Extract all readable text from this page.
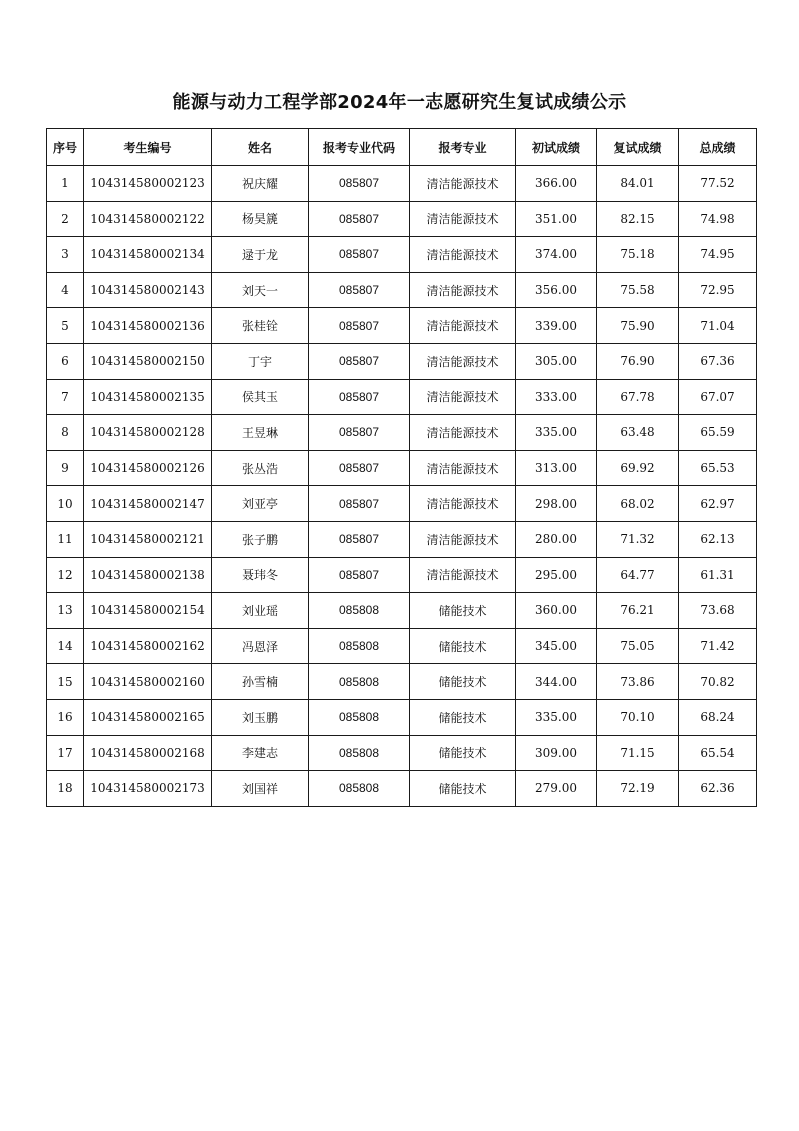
能源与动力工程学部2024年一志愿研究生复试成绩公示
序号	考生编号	姓名	报考专业代码	报考专业	初试成绩	复试成绩	总成绩
1	104314580002123	祝庆耀	085807	清洁能源技术	366.00	84.01	77.52
2	104314580002122	杨昊篪	085807	清洁能源技术	351.00	82.15	74.98
3	104314580002134	逯于龙	085807	清洁能源技术	374.00	75.18	74.95
4	104314580002143	刘天一	085807	清洁能源技术	356.00	75.58	72.95
5	104314580002136	张桂铨	085807	清洁能源技术	339.00	75.90	71.04
6	104314580002150	丁宇	085807	清洁能源技术	305.00	76.90	67.36
7	104314580002135	侯其玉	085807	清洁能源技术	333.00	67.78	67.07
8	104314580002128	王昱琳	085807	清洁能源技术	335.00	63.48	65.59
9	104314580002126	张丛浩	085807	清洁能源技术	313.00	69.92	65.53
10	104314580002147	刘亚亭	085807	清洁能源技术	298.00	68.02	62.97
11	104314580002121	张子鹏	085807	清洁能源技术	280.00	71.32	62.13
12	104314580002138	聂玮冬	085807	清洁能源技术	295.00	64.77	61.31
13	104314580002154	刘业瑶	085808	储能技术	360.00	76.21	73.68
14	104314580002162	冯恩泽	085808	储能技术	345.00	75.05	71.42
15	104314580002160	孙雪楠	085808	储能技术	344.00	73.86	70.82
16	104314580002165	刘玉鹏	085808	储能技术	335.00	70.10	68.24
17	104314580002168	李建志	085808	储能技术	309.00	71.15	65.54
18	104314580002173	刘国祥	085808	储能技术	279.00	72.19	62.36
